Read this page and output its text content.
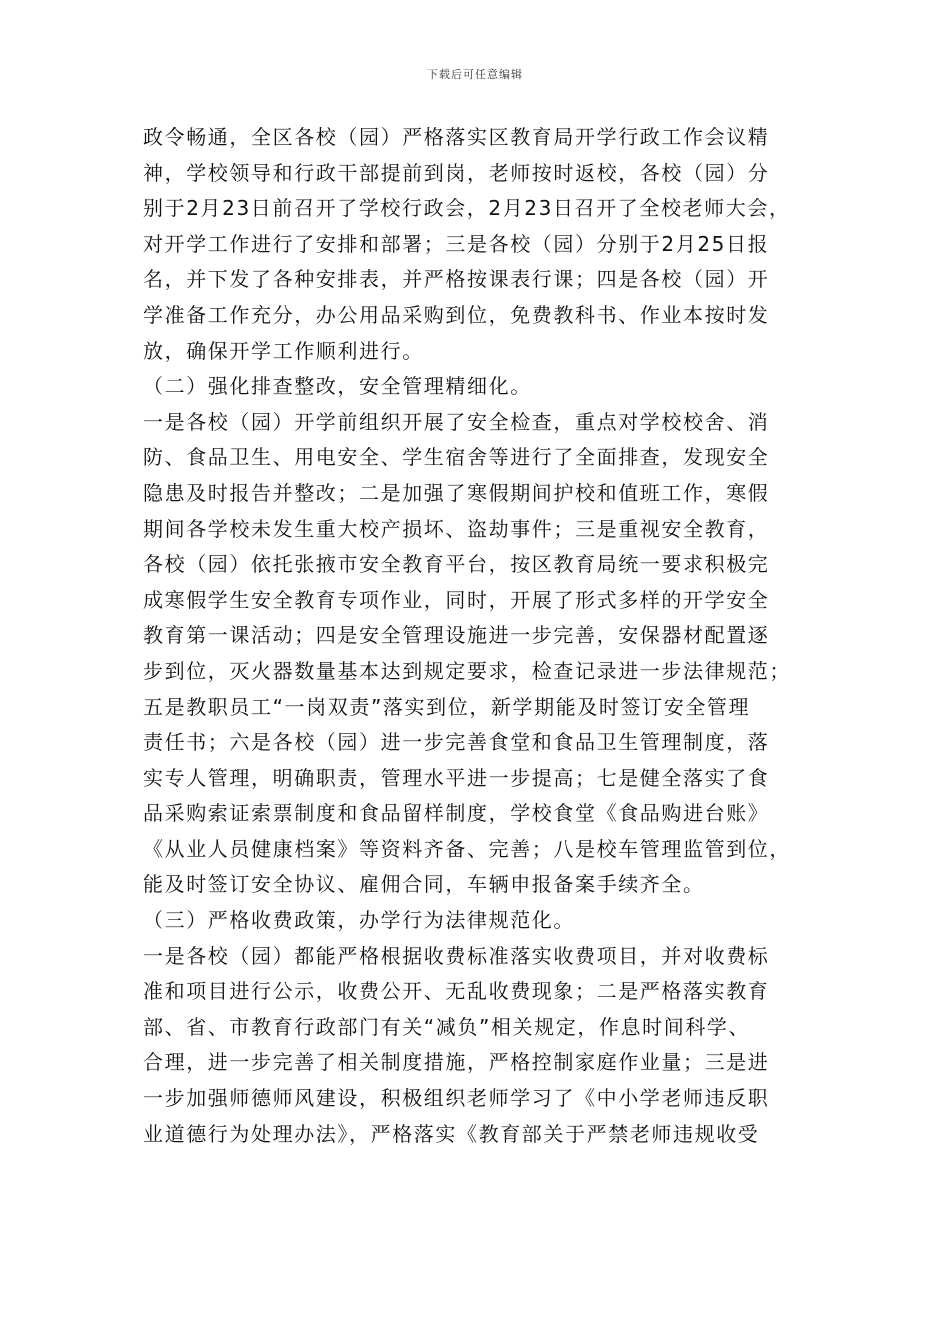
下载后可任意编辑
政令畅通，全区各校（园）严格落实区教育局开学行政工作会议精
神，学校领导和行政干部提前到岗，老师按时返校，各校（园）分
别于2月23日前召开了学校行政会，2月23日召开了全校老师大会，
对开学工作进行了安排和部署；三是各校（园）分别于2月25日报
名，并下发了各种安排表，并严格按课表行课；四是各校（园）开
学准备工作充分，办公用品采购到位，免费教科书、作业本按时发
放，确保开学工作顺利进行。
（二）强化排查整改，安全管理精细化。
一是各校（园）开学前组织开展了安全检查，重点对学校校舍、消
防、食品卫生、用电安全、学生宿舍等进行了全面排查，发现安全
隐患及时报告并整改；二是加强了寒假期间护校和值班工作，寒假
期间各学校未发生重大校产损坏、盗劫事件；三是重视安全教育，
各校（园）依托张掖市安全教育平台，按区教育局统一要求积极完
成寒假学生安全教育专项作业，同时，开展了形式多样的开学安全
教育第一课活动；四是安全管理设施进一步完善，安保器材配置逐
步到位，灭火器数量基本达到规定要求，检查记录进一步法律规范；
五是教职员工“一岗双责”落实到位，新学期能及时签订安全管理
责任书；六是各校（园）进一步完善食堂和食品卫生管理制度，落
实专人管理，明确职责，管理水平进一步提高；七是健全落实了食
品采购索证索票制度和食品留样制度，学校食堂《食品购进台账》
《从业人员健康档案》等资料齐备、完善；八是校车管理监管到位，
能及时签订安全协议、雇佣合同，车辆申报备案手续齐全。
（三）严格收费政策，办学行为法律规范化。
一是各校（园）都能严格根据收费标准落实收费项目，并对收费标
准和项目进行公示，收费公开、无乱收费现象；二是严格落实教育
部、省、市教育行政部门有关“减负”相关规定，作息时间科学、
合理，进一步完善了相关制度措施，严格控制家庭作业量；三是进
一步加强师德师风建设，积极组织老师学习了《中小学老师违反职
业道德行为处理办法》，严格落实《教育部关于严禁老师违规收受
